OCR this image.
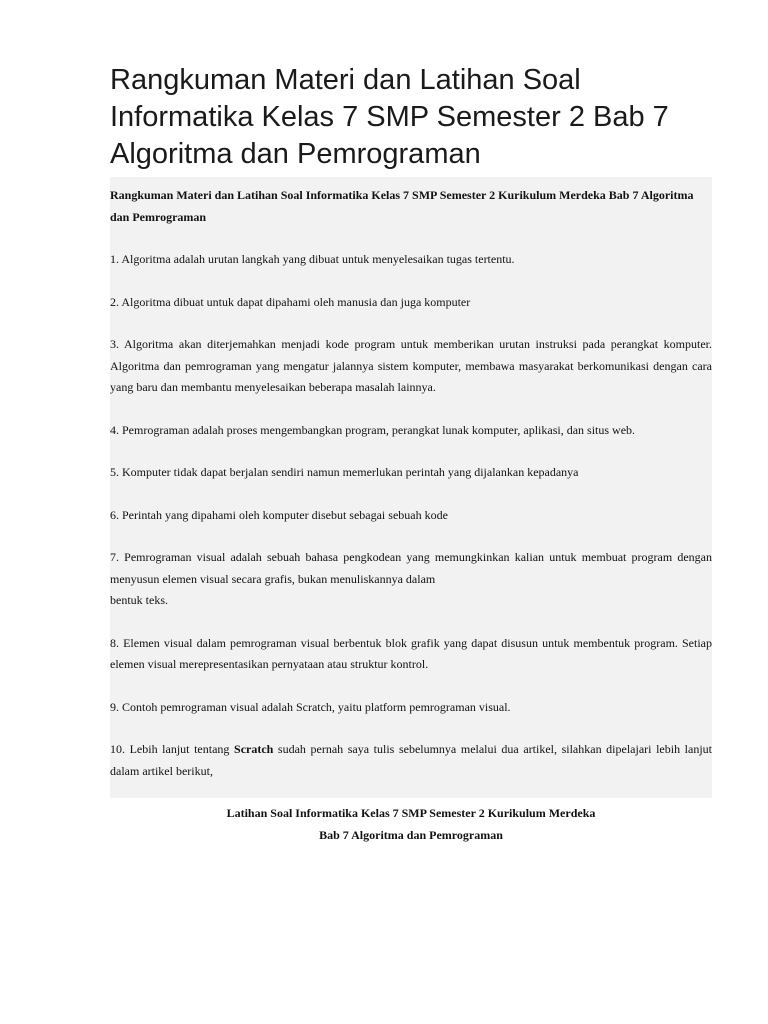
Rangkuman Materi dan Latihan Soal
Informatika Kelas 7 SMP Semester 2 Bab 7
Algoritma dan Pemrograman

Rangkuman Materi dan Latihan Soal Informatika Kelas 7 SMP Semester 2 Kurikulum Merdeka Bab 7 Algoritma dan Pemrograman

1. Algoritma adalah urutan langkah yang dibuat untuk menyelesaikan tugas tertentu.

2. Algoritma dibuat untuk dapat dipahami oleh manusia dan juga komputer

3. Algoritma akan diterjemahkan menjadi kode program untuk memberikan urutan instruksi pada perangkat komputer. Algoritma dan pemrograman yang mengatur jalannya sistem komputer, membawa masyarakat berkomunikasi dengan cara yang baru dan membantu menyelesaikan beberapa masalah lainnya.

4. Pemrograman adalah proses mengembangkan program, perangkat lunak komputer, aplikasi, dan situs web.

5. Komputer tidak dapat berjalan sendiri namun memerlukan perintah yang dijalankan kepadanya

6. Perintah yang dipahami oleh komputer disebut sebagai sebuah kode

7. Pemrograman visual adalah sebuah bahasa pengkodean yang memungkinkan kalian untuk membuat program dengan menyusun elemen visual secara grafis, bukan menuliskannya dalam
bentuk teks.

8. Elemen visual dalam pemrograman visual berbentuk blok grafik yang dapat disusun untuk membentuk program. Setiap elemen visual merepresentasikan pernyataan atau struktur kontrol.

9. Contoh pemrograman visual adalah Scratch, yaitu platform pemrograman visual.

10. Lebih lanjut tentang Scratch sudah pernah saya tulis sebelumnya melalui dua artikel, silahkan dipelajari lebih lanjut dalam artikel berikut,

Latihan Soal Informatika Kelas 7 SMP Semester 2 Kurikulum Merdeka
Bab 7 Algoritma dan Pemrograman
